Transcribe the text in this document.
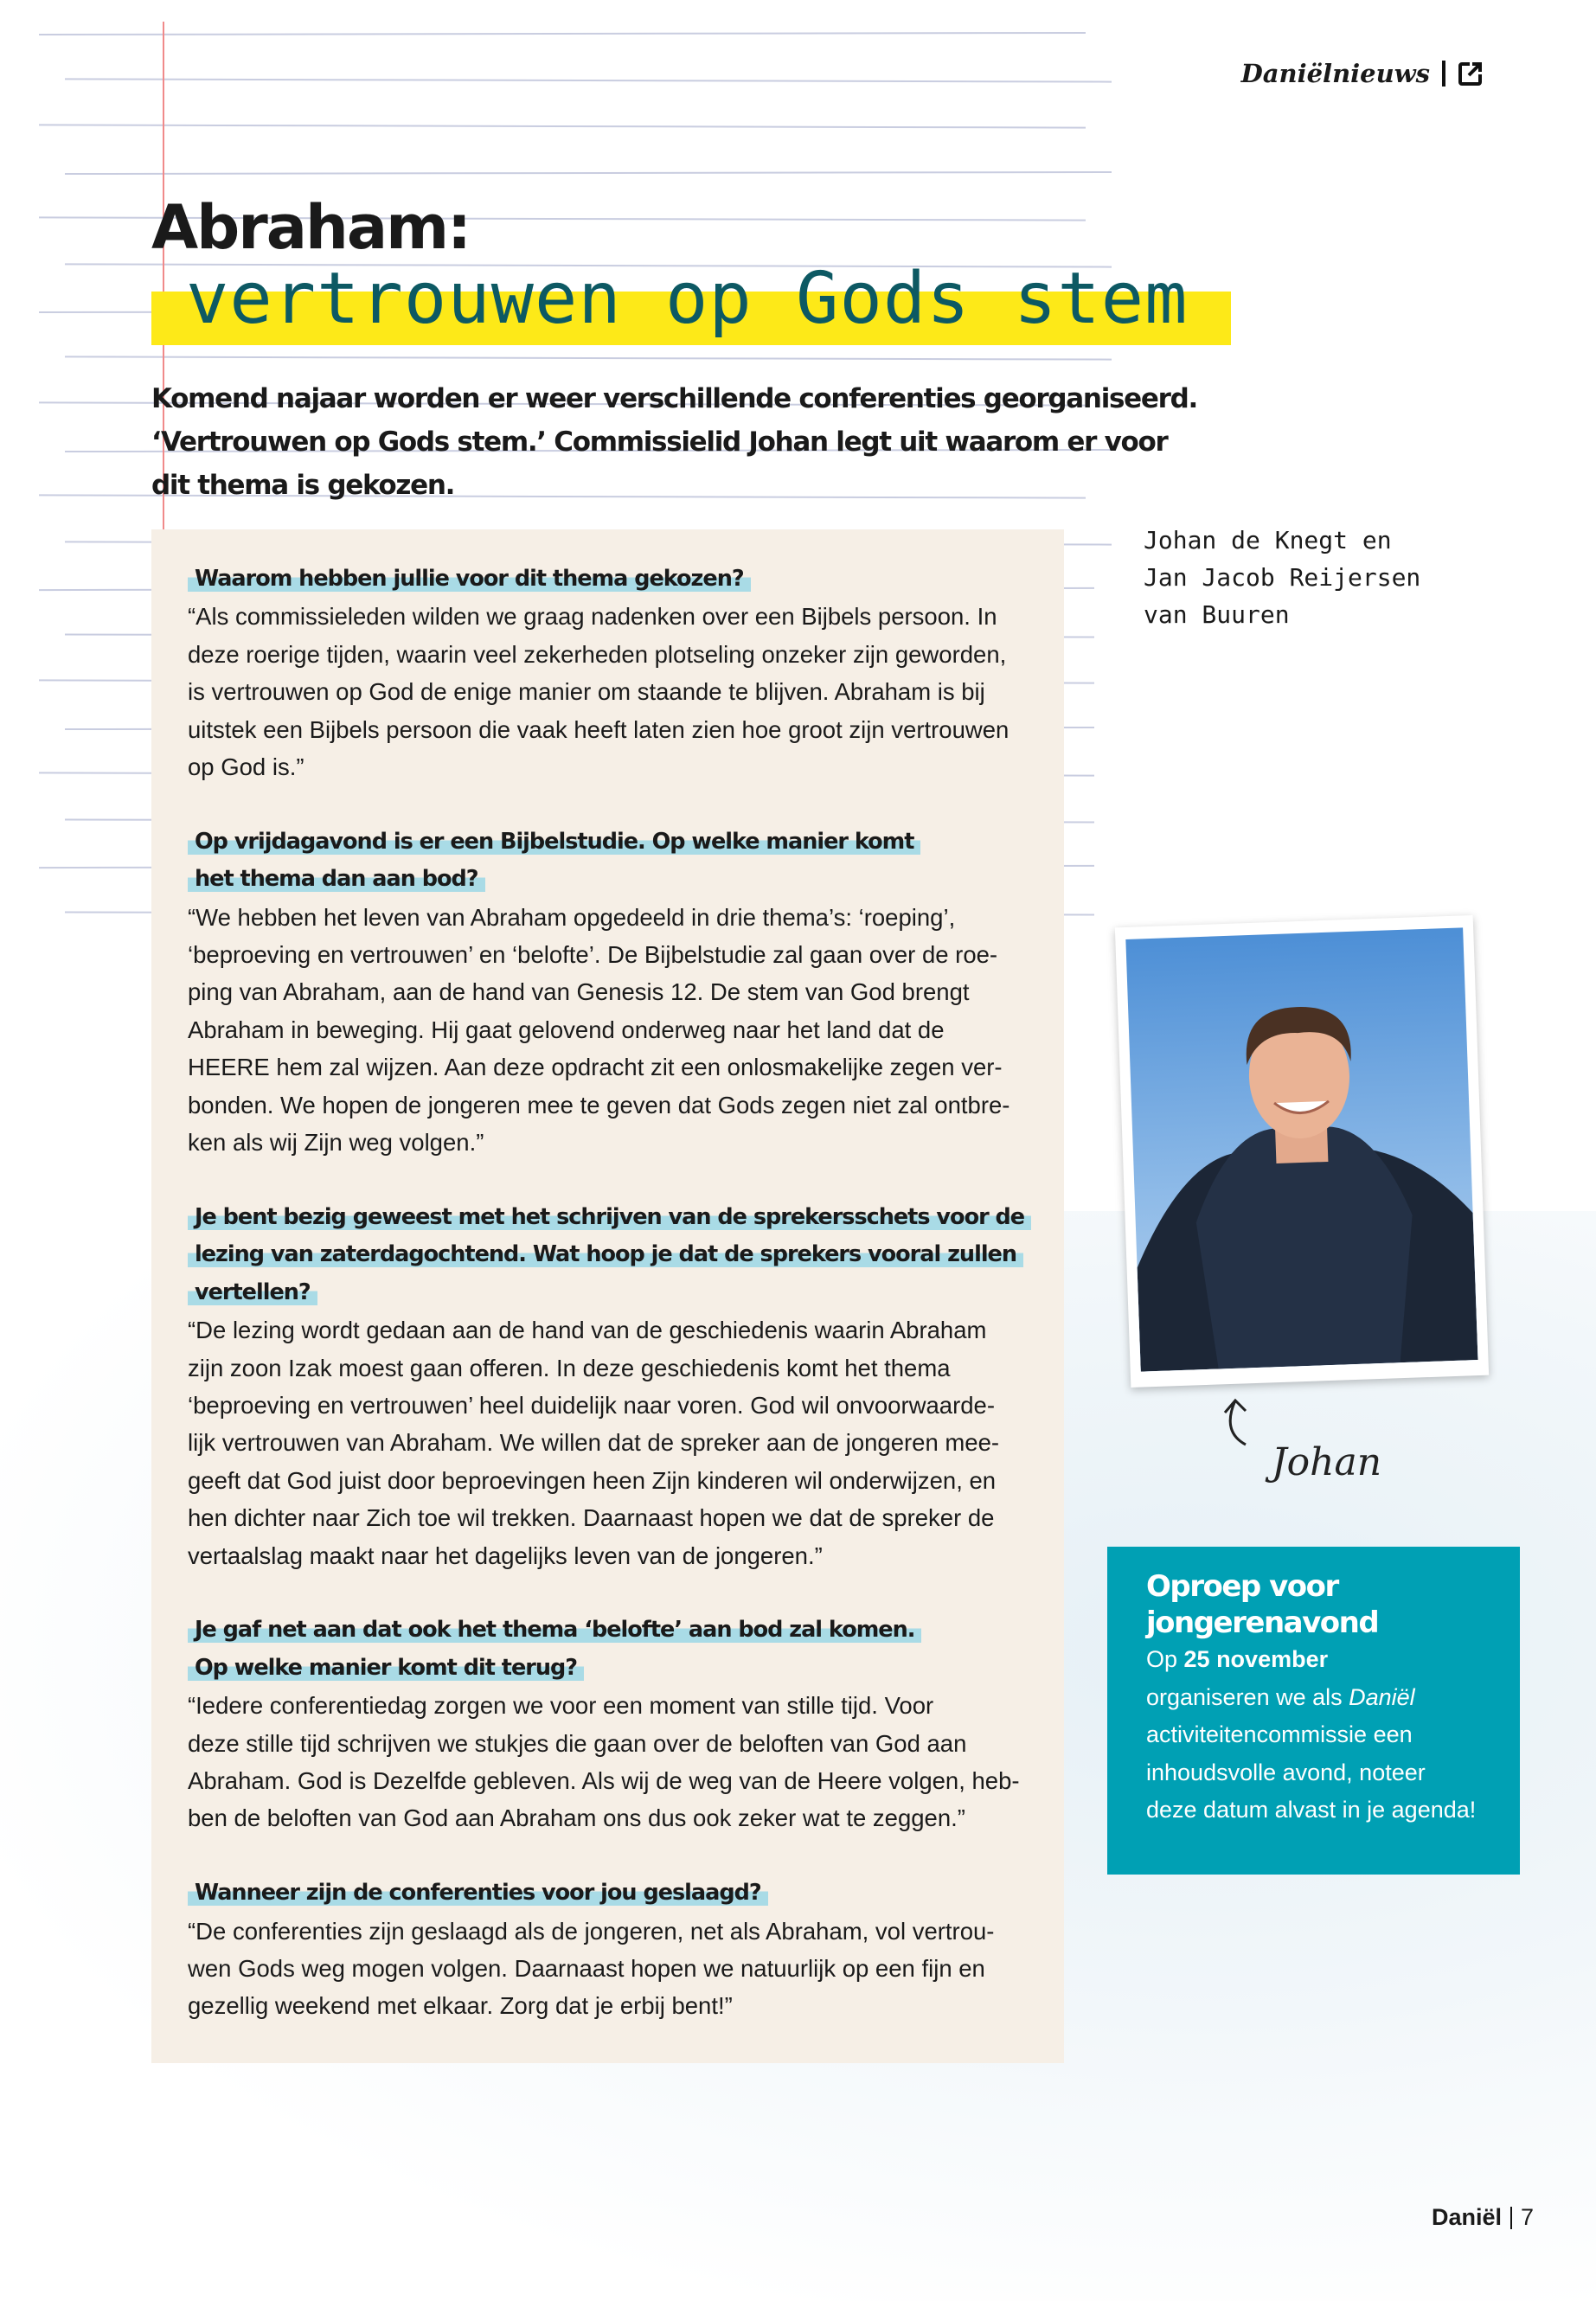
Daniëlnieuws
Abraham:
vertrouwen op Gods stem
Komend najaar worden er weer verschillende conferenties georganiseerd.
‘Vertrouwen op Gods stem.’ Commissielid Johan legt uit waarom er voor
dit thema is gekozen.
Waarom hebben jullie voor dit thema gekozen?
“Als commissieleden wilden we graag nadenken over een Bijbels persoon. In
deze roerige tijden, waarin veel zekerheden plotseling onzeker zijn geworden,
is vertrouwen op God de enige manier om staande te blijven. Abraham is bij
uitstek een Bijbels persoon die vaak heeft laten zien hoe groot zijn vertrouwen
op God is.”
Op vrijdagavond is er een Bijbelstudie. Op welke manier komt
het thema dan aan bod?
“We hebben het leven van Abraham opgedeeld in drie thema’s: ‘roeping’,
‘beproeving en vertrouwen’ en ‘belofte’. De Bijbelstudie zal gaan over de roe-
ping van Abraham, aan de hand van Genesis 12. De stem van God brengt
Abraham in beweging. Hij gaat gelovend onderweg naar het land dat de
HEERE hem zal wijzen. Aan deze opdracht zit een onlosmakelijke zegen ver-
bonden. We hopen de jongeren mee te geven dat Gods zegen niet zal ontbre-
ken als wij Zijn weg volgen.”
Je bent bezig geweest met het schrijven van de sprekersschets voor de
lezing van zaterdagochtend. Wat hoop je dat de sprekers vooral zullen
vertellen?
“De lezing wordt gedaan aan de hand van de geschiedenis waarin Abraham
zijn zoon Izak moest gaan offeren. In deze geschiedenis komt het thema
‘beproeving en vertrouwen’ heel duidelijk naar voren. God wil onvoorwaarde-
lijk vertrouwen van Abraham. We willen dat de spreker aan de jongeren mee-
geeft dat God juist door beproevingen heen Zijn kinderen wil onderwijzen, en
hen dichter naar Zich toe wil trekken. Daarnaast hopen we dat de spreker de
vertaalslag maakt naar het dagelijks leven van de jongeren.”
Je gaf net aan dat ook het thema ‘belofte’ aan bod zal komen.
Op welke manier komt dit terug?
“Iedere conferentiedag zorgen we voor een moment van stille tijd. Voor
deze stille tijd schrijven we stukjes die gaan over de beloften van God aan
Abraham. God is Dezelfde gebleven. Als wij de weg van de Heere volgen, heb-
ben de beloften van God aan Abraham ons dus ook zeker wat te zeggen.”
Wanneer zijn de conferenties voor jou geslaagd?
“De conferenties zijn geslaagd als de jongeren, net als Abraham, vol vertrou-
wen Gods weg mogen volgen. Daarnaast hopen we natuurlijk op een fijn en
gezellig weekend met elkaar. Zorg dat je erbij bent!”
Johan de Knegt en
Jan Jacob Reijersen
van Buuren
Johan
Oproep voor jongerenavond

Op 25 november
organiseren we als Daniël activiteitencommissie een inhoudsvolle avond, noteer deze datum alvast in je agenda!

Daniël 7
